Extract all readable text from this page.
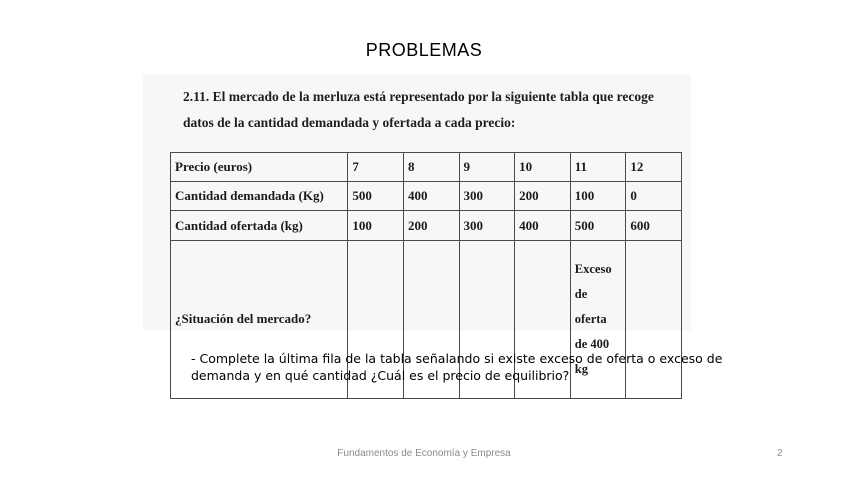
PROBLEMAS
2.11. El mercado de la merluza está representado por la siguiente tabla que recoge
datos de la cantidad demandada y ofertada a cada precio:
Precio (euros)	7	8	9	10	11	12
Cantidad demandada (Kg)	500	400	300	200	100	0
Cantidad ofertada (kg)	100	200	300	400	500	600
¿Situación del mercado?					Exceso
de oferta
de 400
kg	

- Complete la última fila de la tabla señalando si existe exceso de oferta o exceso de demanda y en qué cantidad ¿Cuál es el precio de equilibrio?
Fundamentos de Economía y Empresa	2
